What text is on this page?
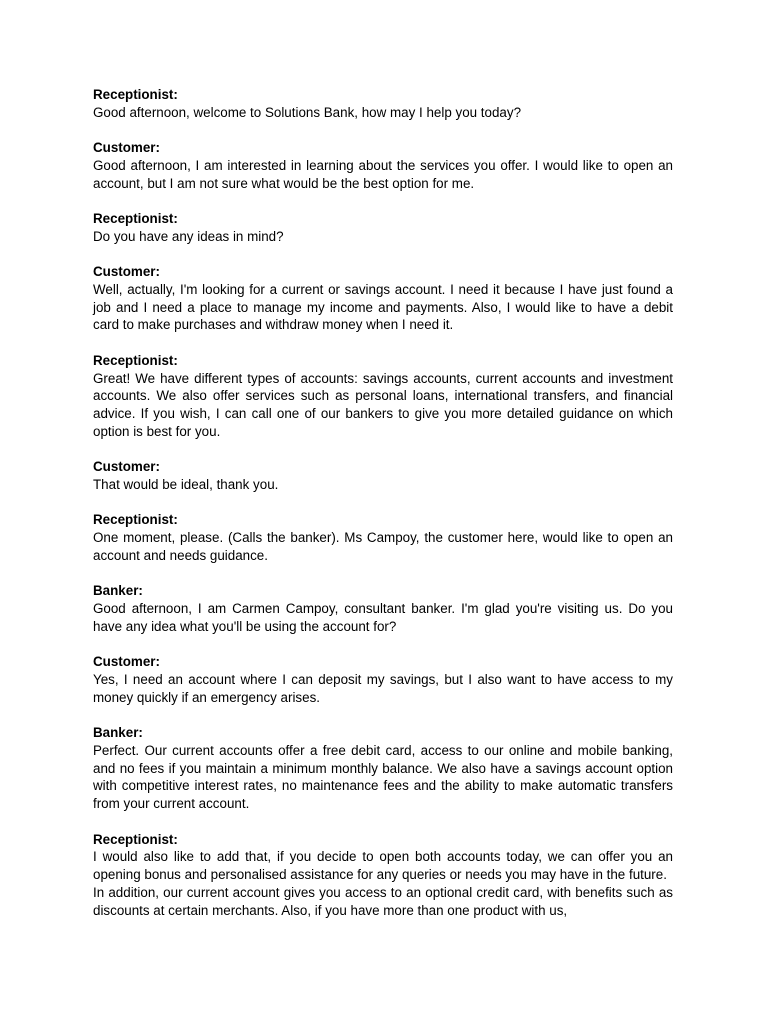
Receptionist:

Good afternoon, welcome to Solutions Bank, how may I help you today?

Customer:

Good afternoon, I am interested in learning about the services you offer. I would like to open an account, but I am not sure what would be the best option for me.

Receptionist:

Do you have any ideas in mind?

Customer:

Well, actually, I'm looking for a current or savings account. I need it because I have just found a job and I need a place to manage my income and payments. Also, I would like to have a debit card to make purchases and withdraw money when I need it.

Receptionist:

Great! We have different types of accounts: savings accounts, current accounts and investment accounts. We also offer services such as personal loans, international transfers, and financial advice. If you wish, I can call one of our bankers to give you more detailed guidance on which option is best for you.

Customer:

That would be ideal, thank you.

Receptionist:

One moment, please. (Calls the banker). Ms Campoy, the customer here, would like to open an account and needs guidance.

Banker:

Good afternoon, I am Carmen Campoy, consultant banker. I'm glad you're visiting us. Do you have any idea what you'll be using the account for?

Customer:

Yes, I need an account where I can deposit my savings, but I also want to have access to my money quickly if an emergency arises.

Banker:

Perfect. Our current accounts offer a free debit card, access to our online and mobile banking, and no fees if you maintain a minimum monthly balance. We also have a savings account option with competitive interest rates, no maintenance fees and the ability to make automatic transfers from your current account.

Receptionist:

I would also like to add that, if you decide to open both accounts today, we can offer you an opening bonus and personalised assistance for any queries or needs you may have in the future.

In addition, our current account gives you access to an optional credit card, with benefits such as discounts at certain merchants. Also, if you have more than one product with us,
